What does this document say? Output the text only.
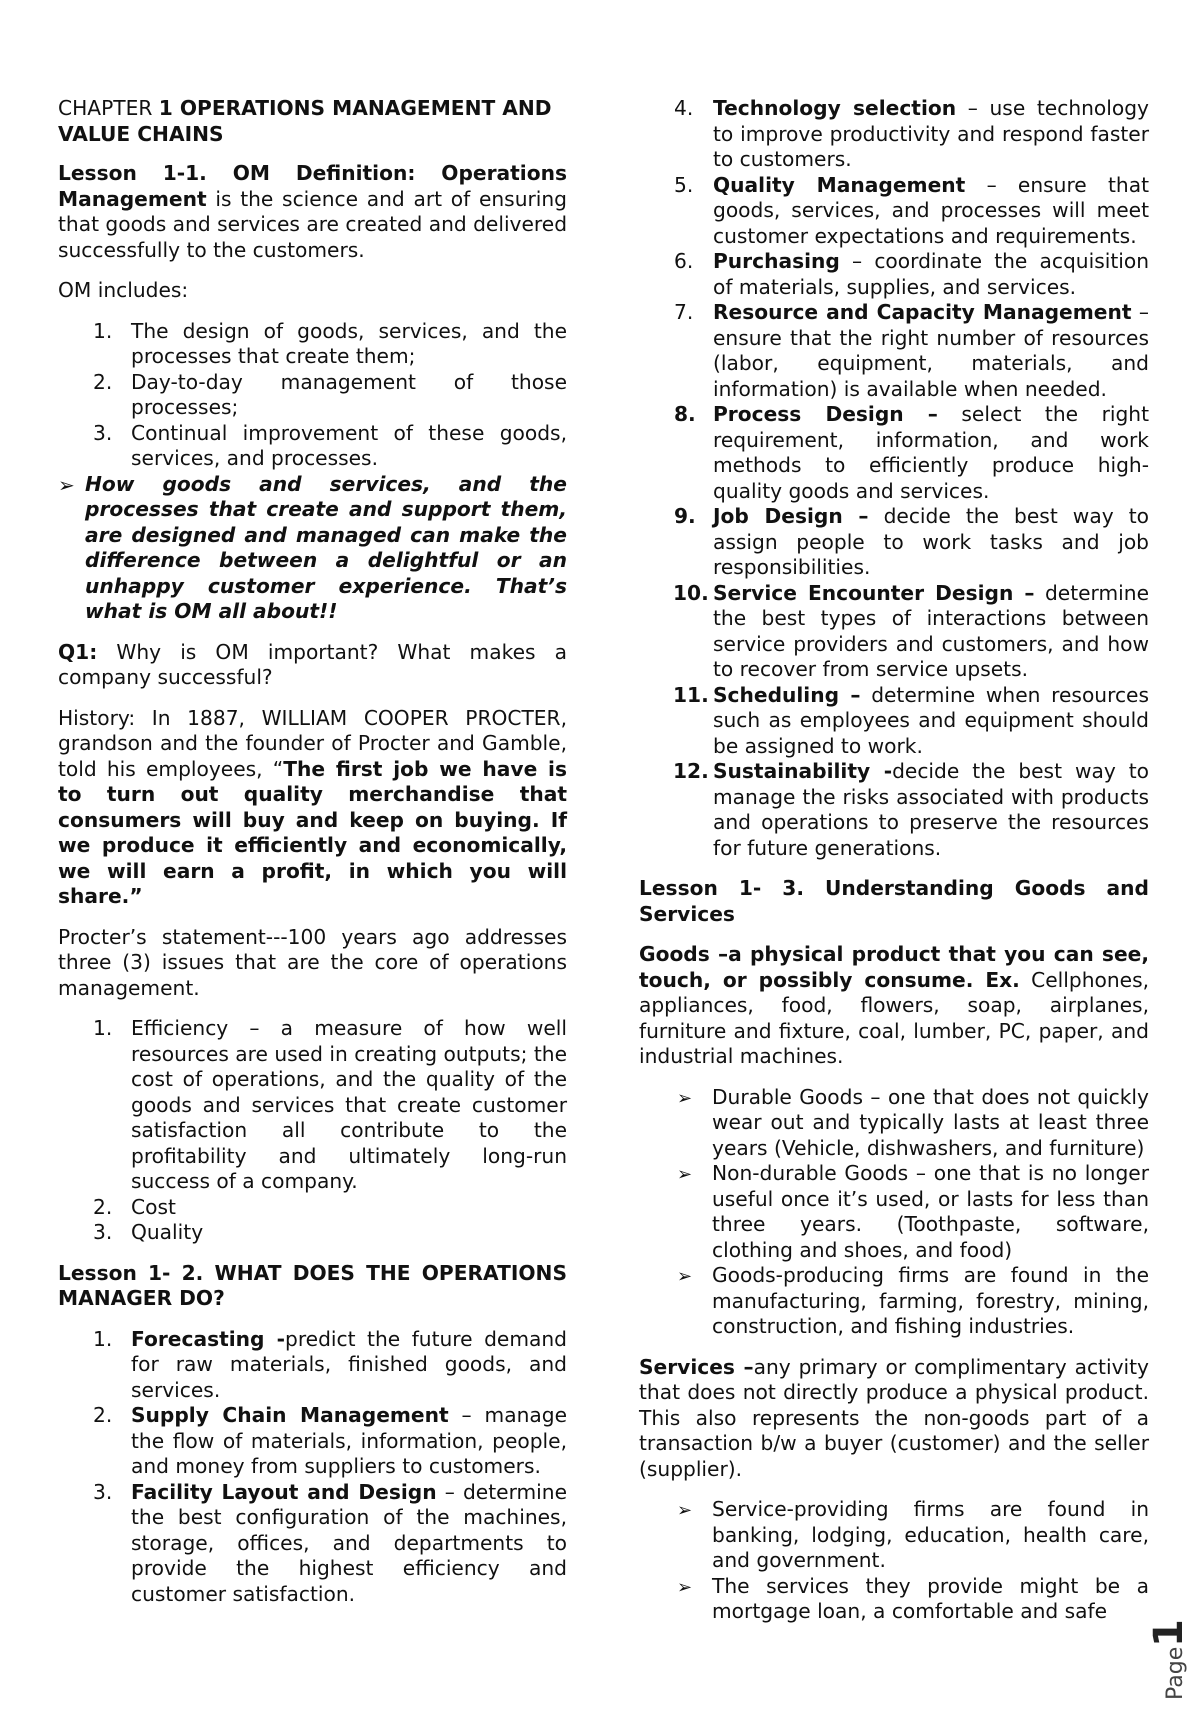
CHAPTER 1 OPERATIONS MANAGEMENT AND VALUE CHAINS

Lesson 1-1. OM Definition: Operations Management is the science and art of ensuring that goods and services are created and delivered successfully to the customers.

OM includes:

1. The design of goods, services, and the processes that create them;
2. Day-to-day management of those processes;
3. Continual improvement of these goods, services, and processes.
➢ How goods and services, and the processes that create and support them, are designed and managed can make the difference between a delightful or an unhappy customer experience. That’s what is OM all about!!

Q1: Why is OM important? What makes a company successful?

History: In 1887, WILLIAM COOPER PROCTER, grandson and the founder of Procter and Gamble, told his employees, “The first job we have is to turn out quality merchandise that consumers will buy and keep on buying. If we produce it efficiently and economically, we will earn a profit, in which you will share.”

Procter’s statement---100 years ago addresses three (3) issues that are the core of operations management.

1. Efficiency – a measure of how well resources are used in creating outputs; the cost of operations, and the quality of the goods and services that create customer satisfaction all contribute to the profitability and ultimately long-run success of a company.
2. Cost
3. Quality

Lesson 1- 2. WHAT DOES THE OPERATIONS MANAGER DO?

1. Forecasting -predict the future demand for raw materials, finished goods, and services.
2. Supply Chain Management – manage the flow of materials, information, people, and money from suppliers to customers.
3. Facility Layout and Design – determine the best configuration of the machines, storage, offices, and departments to provide the highest efficiency and customer satisfaction.
4. Technology selection – use technology to improve productivity and respond faster to customers.
5. Quality Management – ensure that goods, services, and processes will meet customer expectations and requirements.
6. Purchasing – coordinate the acquisition of materials, supplies, and services.
7. Resource and Capacity Management – ensure that the right number of resources (labor, equipment, materials, and information) is available when needed.
8. Process Design – select the right requirement, information, and work methods to efficiently produce high-quality goods and services.
9. Job Design – decide the best way to assign people to work tasks and job responsibilities.
10. Service Encounter Design – determine the best types of interactions between service providers and customers, and how to recover from service upsets.
11. Scheduling – determine when resources such as employees and equipment should be assigned to work.
12. Sustainability -decide the best way to manage the risks associated with products and operations to preserve the resources for future generations.

Lesson 1- 3. Understanding Goods and Services

Goods –a physical product that you can see, touch, or possibly consume. Ex. Cellphones, appliances, food, flowers, soap, airplanes, furniture and fixture, coal, lumber, PC, paper, and industrial machines.

➢ Durable Goods – one that does not quickly wear out and typically lasts at least three years (Vehicle, dishwashers, and furniture)
➢ Non-durable Goods – one that is no longer useful once it’s used, or lasts for less than three years. (Toothpaste, software, clothing and shoes, and food)
➢ Goods-producing firms are found in the manufacturing, farming, forestry, mining, construction, and fishing industries.

Services –any primary or complimentary activity that does not directly produce a physical product. This also represents the non-goods part of a transaction b/w a buyer (customer) and the seller (supplier).

➢ Service-providing firms are found in banking, lodging, education, health care, and government.
➢ The services they provide might be a mortgage loan, a comfortable and safe
1
Page
